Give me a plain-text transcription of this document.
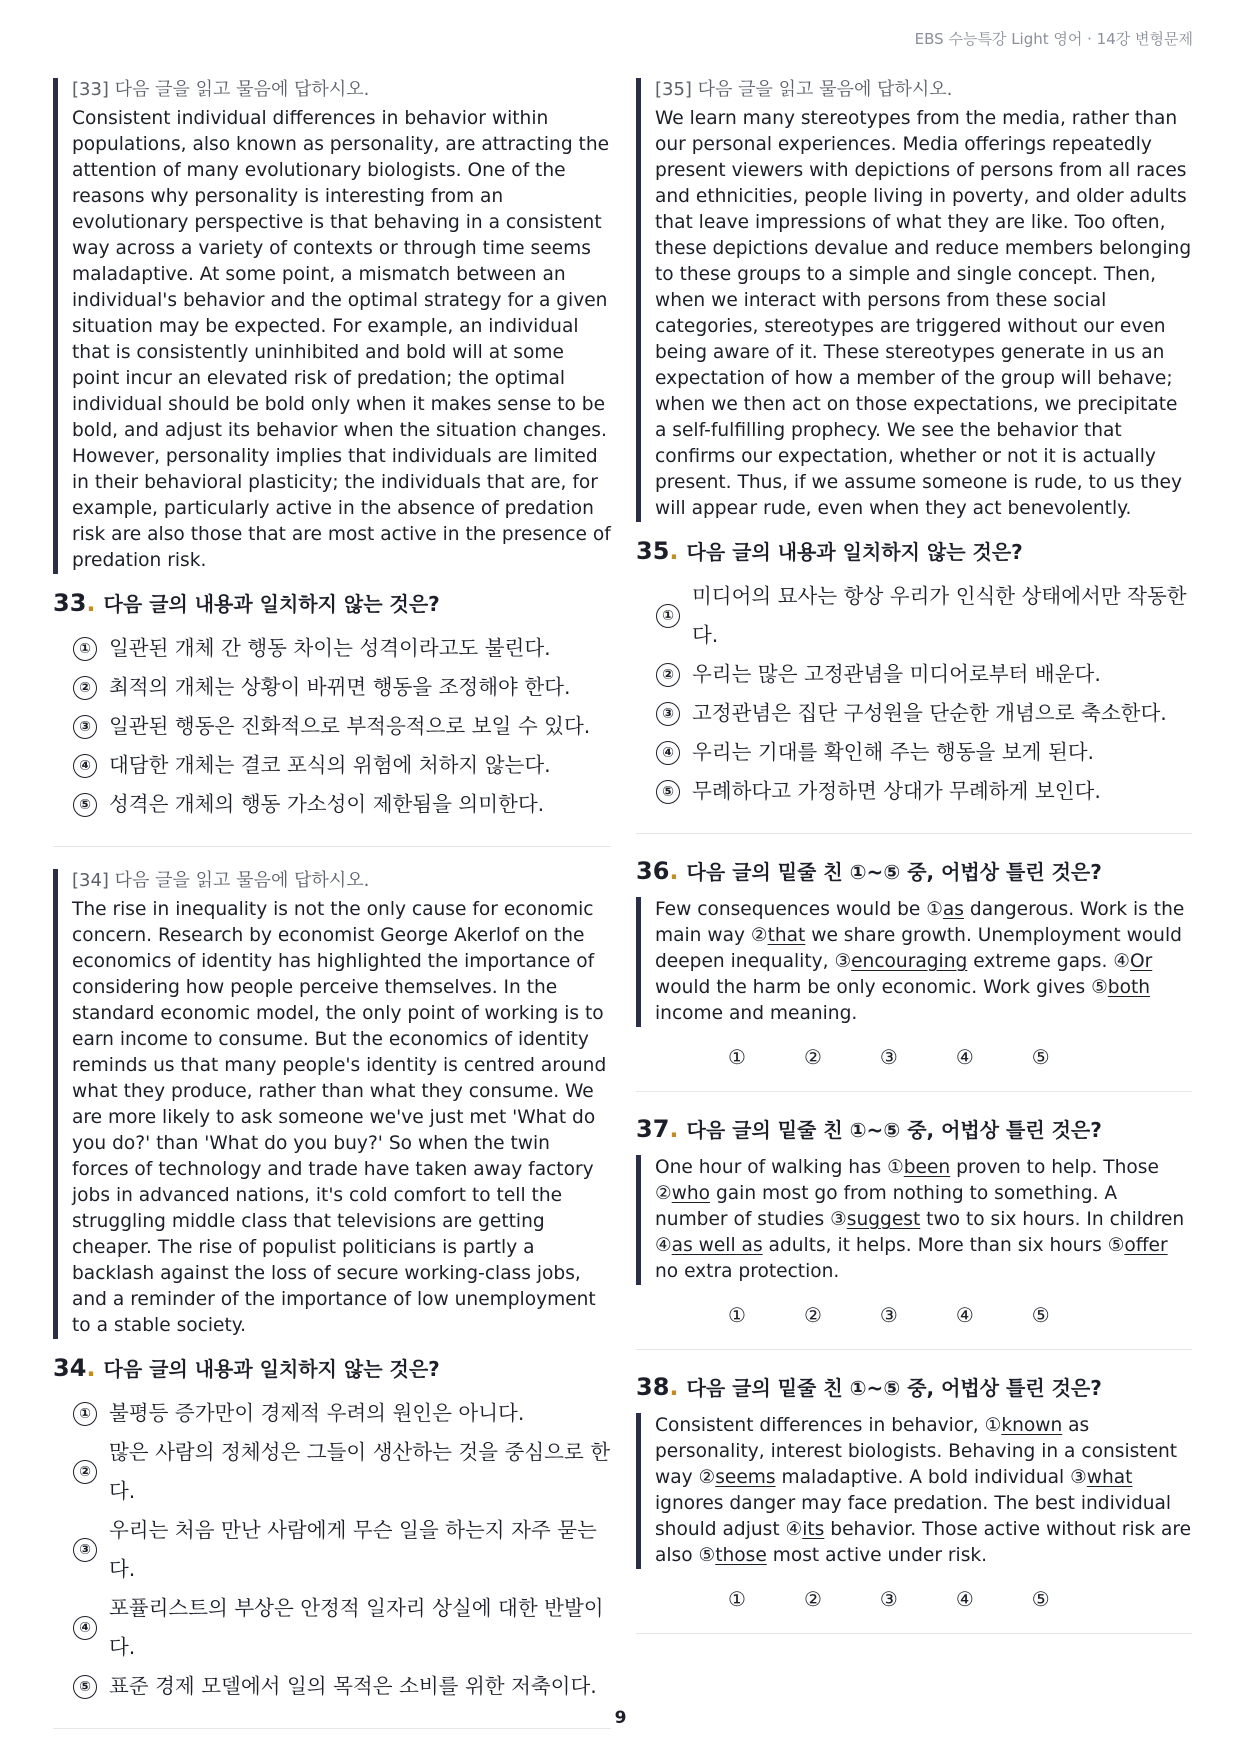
EBS 수능특강 Light 영어 · 14강 변형문제

[33] 다음 글을 읽고 물음에 답하시오.

Consistent individual differences in behavior within populations, also known as personality, are attracting the attention of many evolutionary biologists. One of the reasons why personality is interesting from an evolutionary perspective is that behaving in a consistent way across a variety of contexts or through time seems maladaptive. At some point, a mismatch between an individual's behavior and the optimal strategy for a given situation may be expected. For example, an individual that is consistently uninhibited and bold will at some point incur an elevated risk of predation; the optimal individual should be bold only when it makes sense to be bold, and adjust its behavior when the situation changes. However, personality implies that individuals are limited in their behavioral plasticity; the individuals that are, for example, particularly active in the absence of predation risk are also those that are most active in the presence of predation risk.

33 . 다음 글의 내용과 일치하지 않는 것은?
① 일관된 개체 간 행동 차이는 성격이라고도 불린다.
② 최적의 개체는 상황이 바뀌면 행동을 조정해야 한다.
③ 일관된 행동은 진화적으로 부적응적으로 보일 수 있다.
④ 대담한 개체는 결코 포식의 위험에 처하지 않는다.
⑤ 성격은 개체의 행동 가소성이 제한됨을 의미한다.

[34] 다음 글을 읽고 물음에 답하시오.

The rise in inequality is not the only cause for economic concern. Research by economist George Akerlof on the economics of identity has highlighted the importance of considering how people perceive themselves. In the standard economic model, the only point of working is to earn income to consume. But the economics of identity reminds us that many people's identity is centred around what they produce, rather than what they consume. We are more likely to ask someone we've just met 'What do you do?' than 'What do you buy?' So when the twin forces of technology and trade have taken away factory jobs in advanced nations, it's cold comfort to tell the struggling middle class that televisions are getting cheaper. The rise of populist politicians is partly a backlash against the loss of secure working-class jobs, and a reminder of the importance of low unemployment to a stable society.

34 . 다음 글의 내용과 일치하지 않는 것은?
① 불평등 증가만이 경제적 우려의 원인은 아니다.
②
많은 사람의 정체성은 그들이 생산하는 것을 중심으로 한다.
③
우리는 처음 만난 사람에게 무슨 일을 하는지 자주 묻는다.
④
포퓰리스트의 부상은 안정적 일자리 상실에 대한 반발이다.
⑤ 표준 경제 모델에서 일의 목적은 소비를 위한 저축이다.

[35] 다음 글을 읽고 물음에 답하시오.

We learn many stereotypes from the media, rather than our personal experiences. Media offerings repeatedly present viewers with depictions of persons from all races and ethnicities, people living in poverty, and older adults that leave impressions of what they are like. Too often, these depictions devalue and reduce members belonging to these groups to a simple and single concept. Then, when we interact with persons from these social categories, stereotypes are triggered without our even being aware of it. These stereotypes generate in us an expectation of how a member of the group will behave; when we then act on those expectations, we precipitate a self-fulfilling prophecy. We see the behavior that confirms our expectation, whether or not it is actually present. Thus, if we assume someone is rude, to us they will appear rude, even when they act benevolently.

35 . 다음 글의 내용과 일치하지 않는 것은?
①
미디어의 묘사는 항상 우리가 인식한 상태에서만 작동한다.
② 우리는 많은 고정관념을 미디어로부터 배운다.
③ 고정관념은 집단 구성원을 단순한 개념으로 축소한다.
④ 우리는 기대를 확인해 주는 행동을 보게 된다.
⑤ 무례하다고 가정하면 상대가 무례하게 보인다.
36 . 다음 글의 밑줄 친 ①~⑤ 중, 어법상 틀린 것은?

Few consequences would be ①as dangerous. Work is the main way ②that we share growth. Unemployment would deepen inequality, ③encouraging extreme gaps. ④Or would the harm be only economic. Work gives ⑤both income and meaning.

①	②	③	④	⑤
37 . 다음 글의 밑줄 친 ①~⑤ 중, 어법상 틀린 것은?

One hour of walking has ①been proven to help. Those ②who gain most go from nothing to something. A number of studies ③suggest two to six hours. In children ④as well as adults, it helps. More than six hours ⑤offer no extra protection.

①	②	③	④	⑤
38 . 다음 글의 밑줄 친 ①~⑤ 중, 어법상 틀린 것은?

Consistent differences in behavior, ①known as personality, interest biologists. Behaving in a consistent way ②seems maladaptive. A bold individual ③what ignores danger may face predation. The best individual should adjust ④its behavior. Those active without risk are also ⑤those most active under risk.

①	②	③	④	⑤
9
